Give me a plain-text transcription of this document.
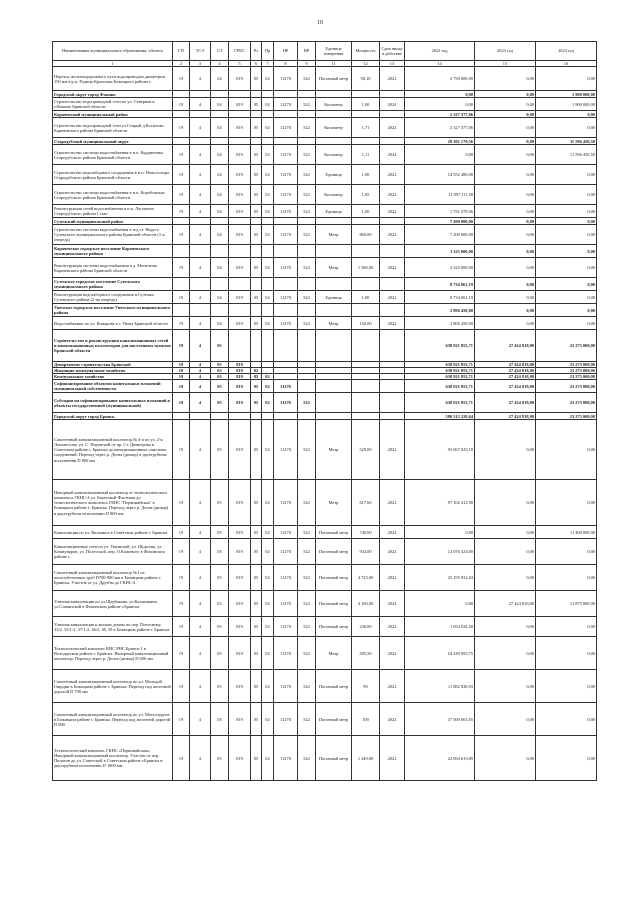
10
Наименование муниципального образования, объекта	ГП	ТСЭ	СЭ	ГРБС	Рз	Пр	НР	ВР	Единица измерения	Мощность	Срок ввода в действие	2022 год	2023 год	2024 год
1	2	3	4	5	6	7	8	9	11	12	13	14	15	16
Переход железнодорожного пути водопроводом диаметром 150 мм в р.п. Радица-Крыловка Бежицкого района г.	19	4	04	819	05	02	11270	522	Погонный метр	58,10	2022	4 750 000,00	0,00	0,00
Городской округ город Фокино												0,00	0,00	1 900 000,00
Строительство водопроводной сети по ул. Северная в г.Фокино Брянской области	19	4	04	819	05	02	11270	522	Километр	1,00	2024	0,00	0,00	1 900 000,00
Карачевский муниципальный район												2 327 377,06	0,00	0,00
Строительство водопроводной сети ул.Старый д.Косилово Карачевского района Брянской области	19	4	04	819	05	02	11270	522	Километр	1,71	2022	2 327 377,06	0,00	0,00
Стародубский муниципальный округ												29 301 170,56	0,00	11 596 450,50
Строительство системы водоснабжения в н.п. Курдиновка Стародубского района Брянской области	19	4	04	819	05	02	11270	522	Километр	1,11	2024	0,00	0,00	11 596 450,50
Строительство водозаборного сооружения в н.п. Новосельцы Стародубского района Брянской области	19	4	04	819	05	02	11270	522	Единица	1,00	2022	14 552 480,00	0,00	0,00
Строительство системы водоснабжения в н.п. Коробовская Стародубского района Брянской области	19	4	04	819	05	02	11270	522	Километр	1,85	2022	12 997 111,50	0,00	0,00
Реконструкция сетей водоснабжения в н.п. Логоватое Стародубского района I этап	19	4	04	819	05	02	11270	522	Единица	1,00	2022	1 751 579,06	0,00	0,00
Суземский муниципальный район												7 200 000,00	0,00	0,00
Строительство системы водоснабжения в п/д ст. Неруса Суземского муниципального района Брянской области (1-я очередь)	19	4	04	819	05	02	11270	522	Метр	860,00	2022	7 200 000,00	0,00	0,00
Карачевское городское поселение Карачевского муниципального района												3 325 000,00	0,00	0,00
Реконструкция системы водоснабжения в д. Масютина Карачевского района Брянской области	19	4	04	819	05	02	11270	522	Метр	1 500,00	2022	3 325 000,00	0,00	0,00
Суземское городское поселение Суземского муниципального района												8 734 061,19	0,00	0,00
Реконструкция водозаборного сооружения п.Суземка Суземского района (2-ая очередь)	19	4	04	819	05	02	11270	522	Единица	1,00	2022	8 734 061,19	0,00	0,00
Унечское городское поселение Унечского муниципального района												2 806 450,00	0,00	0,00
Водоснабжение по ул. Комарова в г. Унеча Брянской области	19	4	04	819	05	02	11270	522	Метр	150,00	2022	2 806 450,00	0,00	0,00
Строительство и реконструкция канализационных сетей и канализационных коллекторов для населенных пунктов Брянской области	19	4	05									638 921 953,71	27 424 818,00	23 275 000,00
Департамент строительства Брянской	19	4	05	819								638 921 953,71	27 424 818,00	23 275 000,00
Жилищно-коммунальное хозяйство	19	4	05	819	05							638 921 953,71	27 424 818,00	23 275 000,00
Коммунальное хозяйство	19	4	05	819	05	02						638 921 953,71	27 424 818,00	23 275 000,00
Софинансирование объектов капитальных вложений муниципальной собственности	19	4	05	819	05	02	11270					638 921 953,71	27 424 818,00	23 275 000,00
Субсидии на софинансирование капитальных вложений в объекты государственной (муниципальной)	19	4	05	819	05	02	11270	522				638 921 953,71	27 424 818,00	23 275 000,00
Городской округ город Брянск												586 515 229,64	27 424 818,00	23 275 000,00
Самотечный канализационный коллектор № 4-а по ул. 2-я Ломоносова, ул. С. Перовской от пр. Ст. Димитрова в Советском районе г. Брянска до канализационных очистных сооружений. Переход через р. Десна (дюкер) в двухтрубном исполнении D 800 мм	19	4	05	819	05	02	11270	522	Метр	529,00	2022	93 067 025,18	0,00	0,00
Напорный канализационный коллектор от технологического комплекса ГКНС-4 ул. Береговой-Флотская до технологического комплекса ГКНС "Первомайская" в Бежицком районе г. Брянска. Переход через р. Десна (дюкер) в двухтрубном исполнении D 800 мм	19	4	05	819	05	02	11270	522	Метр	617,60	2022	97 102 412,90	0,00	0,00
Канализация по ул. Вильямса в Советском районе г. Брянска	19	4	05	819	05	02	11270	522	Погонный метр	740,00	2024	0,00	0,00	11 400 000,00
Канализационные сети по ул. Ушинской, ул. Щорсова, ул. Коммунаров, ул. Полесской, пер. О.Кошевого в Фокинском районе г.	19	4	05	819	05	02	11270	522	Погонный метр	934,00	2022	12 076 324,00	0,00	0,00
Самотечный канализационный коллектор №1 из железобетонных труб D700-900 мм в Бежицком районе г. Брянска. Участок от ул. Друзбы до ГКНС-4	19	4	05	819	05	02	11270	522	Погонный метр	4 723,00	2022	25 195 832,04	0,00	0,00
Уличная канализация по ул.Щербакова, ул.Колышкина, ул.Славянской в Фокинском районе г.Брянска	19	4	05	819	05	02	11270	522	Погонный метр	4 100,00	2024	0,00	27 424 818,00	11 875 000,00
Уличная канализация к жилым домам по пер. Почтовому, 33/2, 35/1-2, 37/1-2, 36/2, 38, 39 в Бежицком районе г. Брянска	19	4	05	819	05	02	11270	522	Погонный метр	236,00	2022	1 054 024,50	0,00	0,00
Технологический комплекс КНС РНС Брянск-1 в Володарском районе г. Брянска. Напорный канализационный коллектор. Переход через р. Десна (дюкер) D 600 мм	19	4	05	819	05	02	11270	522	Метр	505,50	2022	54 249 093,75	0,00	0,00
Самотечный канализационный коллектор по ул. Молодой Гвардии в Бежицком районе г. Брянска. Переход под железной дорогой D 700 мм	19	4	05	819	05	02	11270	522	Погонный метр	90	2022	11 882 830,03	0,00	0,00
Самотечный канализационный коллектор по ул. Металлургов в Бежицком районе г. Брянска. Переход под железной дорогой D 800	19	4	05	819	05	02	11270	522	Погонный метр	100	2022	37 569 601,65	0,00	0,00
Технологический комплекс ГКНС «Первомайская». Напорный канализационный коллектор. Участок от пер. Пилотов до ул. Советской в Советском районе г.Брянска в двухтрубном исполнении D 1000 мм	19	4	05	819	05	02	11270	522	Погонный метр	1 349,00	2022	22 694 619,89	0,00	0,00
